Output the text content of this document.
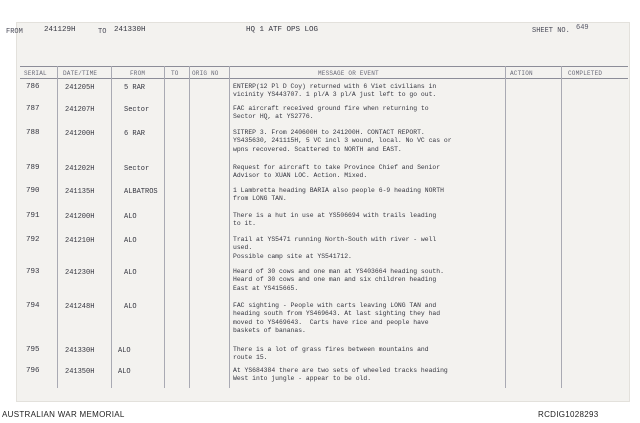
FROM	241129H	TO 241330H	HQ 1 ATF OPS LOG	SHEET NO. 649
SERIAL	DATE/TIME	FROM	TO ORIG NO	MESSAGE OR EVENT	ACTION	COMPLETED
786	241205H	5 RAR	ENTERP(12 Pl D Coy) returned with 6 Viet civilians in
vicinity YS443707. 1 pl/A 3 pl/A just left to go out.
787	241207H	Sector	FAC aircraft received ground fire when returning to
Sector HQ, at YS2776.
788	241200H	6 RAR	SITREP 3. From 240600H to 241200H. CONTACT REPORT.
YS435630, 241115H, 5 VC incl 3 wound, local. No VC cas or
wpns recovered. Scattered to NORTH and EAST.
789	241202H	Sector	Request for aircraft to take Province Chief and Senior
Advisor to XUAN LOC. Action. Mixed.
790	241135H	ALBATROS	1 Lambretta heading BARIA also people 6-9 heading NORTH
from LONG TAN.
791	241200H	ALO	There is a hut in use at YS506694 with trails leading
to it.
792	241210H	ALO	Trail at YS5471 running North-South with river - well
used.
Possible camp site at YS541712.
793	241230H	ALO	Heard of 30 cows and one man at YS403664 heading south.
Heard of 30 cows and one man and six children heading
East at YS415665.
794	241248H	ALO	FAC sighting - People with carts leaving LONG TAN and
heading south from YS469643. At last sighting they had
moved to YS469643.  Carts have rice and people have
baskets of bananas.
795	241330H	ALO	There is a lot of grass fires between mountains and
route 15.
796	241350H	ALO	At YS684384 there are two sets of wheeled tracks heading
West into jungle - appear to be old.
AUSTRALIAN WAR MEMORIAL	RCDIG1028293
